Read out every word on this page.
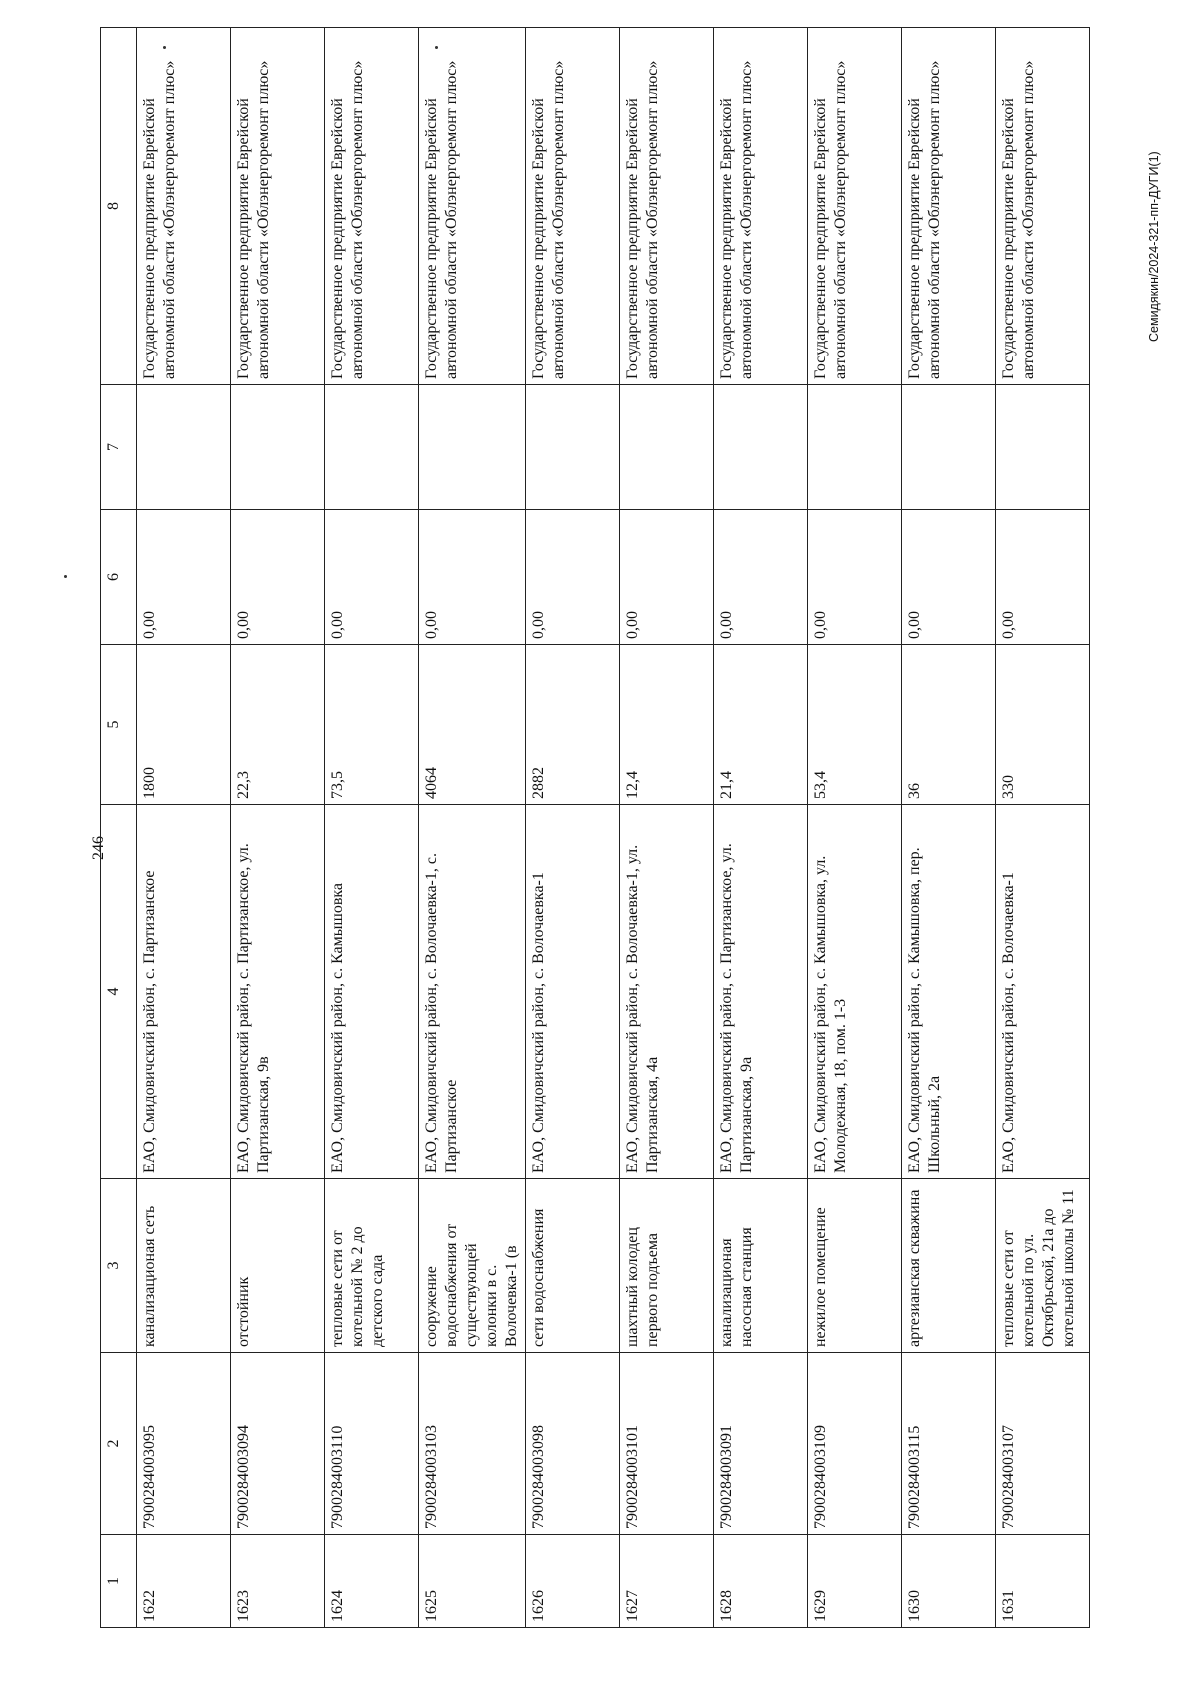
246
1	2	3	4	5	6	7	8
1622	7900284003095	канализационая сеть	ЕАО, Смидовичский район, с. Партизанское	1800	0,00		Государственное предприятие Еврейской автономной области «Облэнергоремонт плюс»
1623	7900284003094	отстойник	ЕАО, Смидовичский район, с. Партизанское, ул. Партизанская, 9в	22,3	0,00		Государственное предприятие Еврейской автономной области «Облэнергоремонт плюс»
1624	7900284003110	тепловые сети от котельной № 2 до детского сада	ЕАО, Смидовичский район, с. Камышовка	73,5	0,00		Государственное предприятие Еврейской автономной области «Облэнергоремонт плюс»
1625	7900284003103	сооружение водоснабжения от существующей колонки в с. Волочевка-1 (в	ЕАО, Смидовичский район, с. Волочаевка-1, с. Партизанское	4064	0,00		Государственное предприятие Еврейской автономной области «Облэнергоремонт плюс»
1626	7900284003098	сети водоснабжения	ЕАО, Смидовичский район, с. Волочаевка-1	2882	0,00		Государственное предприятие Еврейской автономной области «Облэнергоремонт плюс»
1627	7900284003101	шахтный колодец первого подъема	ЕАО, Смидовичский район, с. Волочаевка-1, ул. Партизанская, 4а	12,4	0,00		Государственное предприятие Еврейской автономной области «Облэнергоремонт плюс»
1628	7900284003091	канализационая насосная станция	ЕАО, Смидовичский район, с. Партизанское, ул. Партизанская, 9а	21,4	0,00		Государственное предприятие Еврейской автономной области «Облэнергоремонт плюс»
1629	7900284003109	нежилое помещение	ЕАО, Смидовичский район, с. Камышовка, ул. Молодежная, 18, пом. 1-3	53,4	0,00		Государственное предприятие Еврейской автономной области «Облэнергоремонт плюс»
1630	7900284003115	артезианская скважина	ЕАО, Смидовичский район, с. Камышовка, пер. Школьный, 2а	36	0,00		Государственное предприятие Еврейской автономной области «Облэнергоремонт плюс»
1631	7900284003107	тепловые сети от котельной по ул. Октябрьской, 21а до котельной школы № 11	ЕАО, Смидовичский район, с. Волочаевка-1	330	0,00		Государственное предприятие Еврейской автономной области «Облэнергоремонт плюс»	Семидякин/2024-321-пп-ДУГИ(1)
